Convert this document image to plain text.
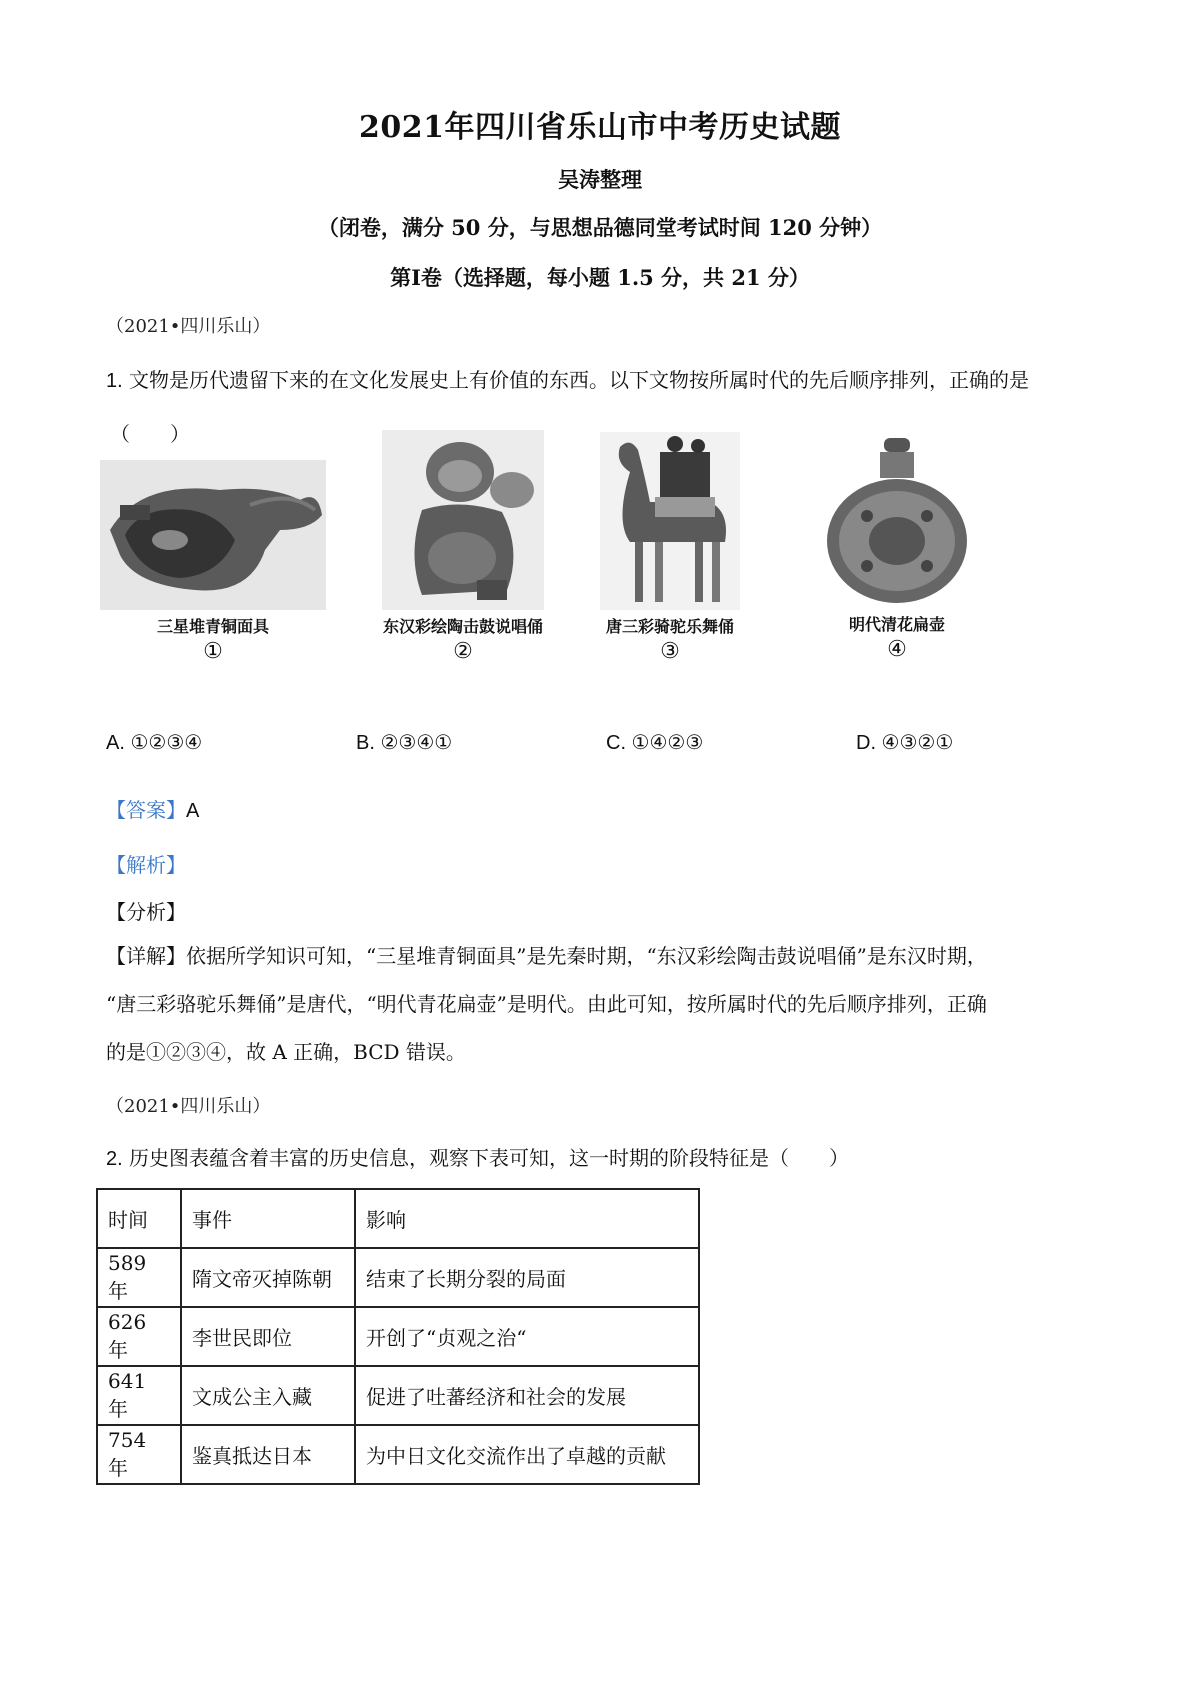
2021年四川省乐山市中考历史试题
吴涛整理
（闭卷，满分 50 分，与思想品德同堂考试时间 120 分钟）
第Ⅰ卷（选择题，每小题 1.5 分，共 21 分）
（2021•四川乐山）
1. 文物是历代遗留下来的在文化发展史上有价值的东西。以下文物按所属时代的先后顺序排列，正确的是
（　　）
三星堆青铜面具
①
东汉彩绘陶击鼓说唱俑
②
唐三彩骑驼乐舞俑
③
明代清花扁壶
④
A. ①②③④	B. ②③④①	C. ①④②③	D. ④③②①
【答案】A
【解析】
【分析】
【详解】依据所学知识可知，“三星堆青铜面具”是先秦时期，“东汉彩绘陶击鼓说唱俑”是东汉时期，
“唐三彩骆驼乐舞俑”是唐代，“明代青花扁壶”是明代。由此可知，按所属时代的先后顺序排列，正确
的是①②③④，故 A 正确，BCD 错误。
（2021•四川乐山）
2. 历史图表蕴含着丰富的历史信息，观察下表可知，这一时期的阶段特征是（　　）
时间	事件	影响
589 年	隋文帝灭掉陈朝	结束了长期分裂的局面
626 年	李世民即位	开创了“贞观之治“
641 年	文成公主入藏	促进了吐蕃经济和社会的发展
754 年	鉴真抵达日本	为中日文化交流作出了卓越的贡献
